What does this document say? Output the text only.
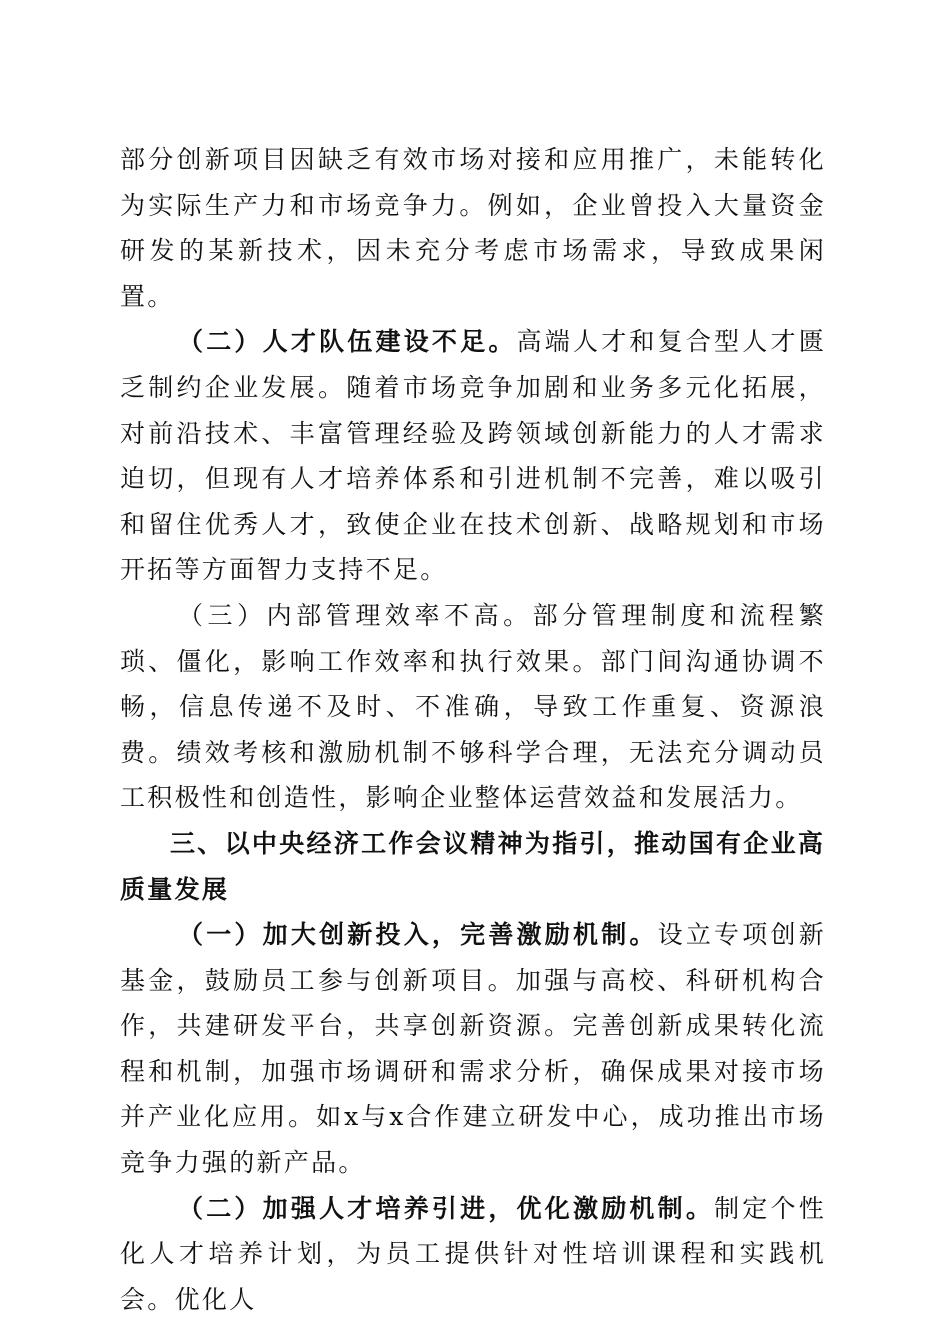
部分创新项目因缺乏有效市场对接和应用推广，未能转化为实际生产力和市场竞争力。例如，企业曾投入大量资金研发的某新技术，因未充分考虑市场需求，导致成果闲置。

（二）人才队伍建设不足。高端人才和复合型人才匮乏制约企业发展。随着市场竞争加剧和业务多元化拓展，对前沿技术、丰富管理经验及跨领域创新能力的人才需求迫切，但现有人才培养体系和引进机制不完善，难以吸引和留住优秀人才，致使企业在技术创新、战略规划和市场开拓等方面智力支持不足。

（三）内部管理效率不高。部分管理制度和流程繁琐、僵化，影响工作效率和执行效果。部门间沟通协调不畅，信息传递不及时、不准确，导致工作重复、资源浪费。绩效考核和激励机制不够科学合理，无法充分调动员工积极性和创造性，影响企业整体运营效益和发展活力。

三、以中央经济工作会议精神为指引，推动国有企业高质量发展

（一）加大创新投入，完善激励机制。设立专项创新基金，鼓励员工参与创新项目。加强与高校、科研机构合作，共建研发平台，共享创新资源。完善创新成果转化流程和机制，加强市场调研和需求分析，确保成果对接市场并产业化应用。如x与x合作建立研发中心，成功推出市场竞争力强的新产品。

（二）加强人才培养引进，优化激励机制。制定个性化人才培养计划，为员工提供针对性培训课程和实践机会。优化人
